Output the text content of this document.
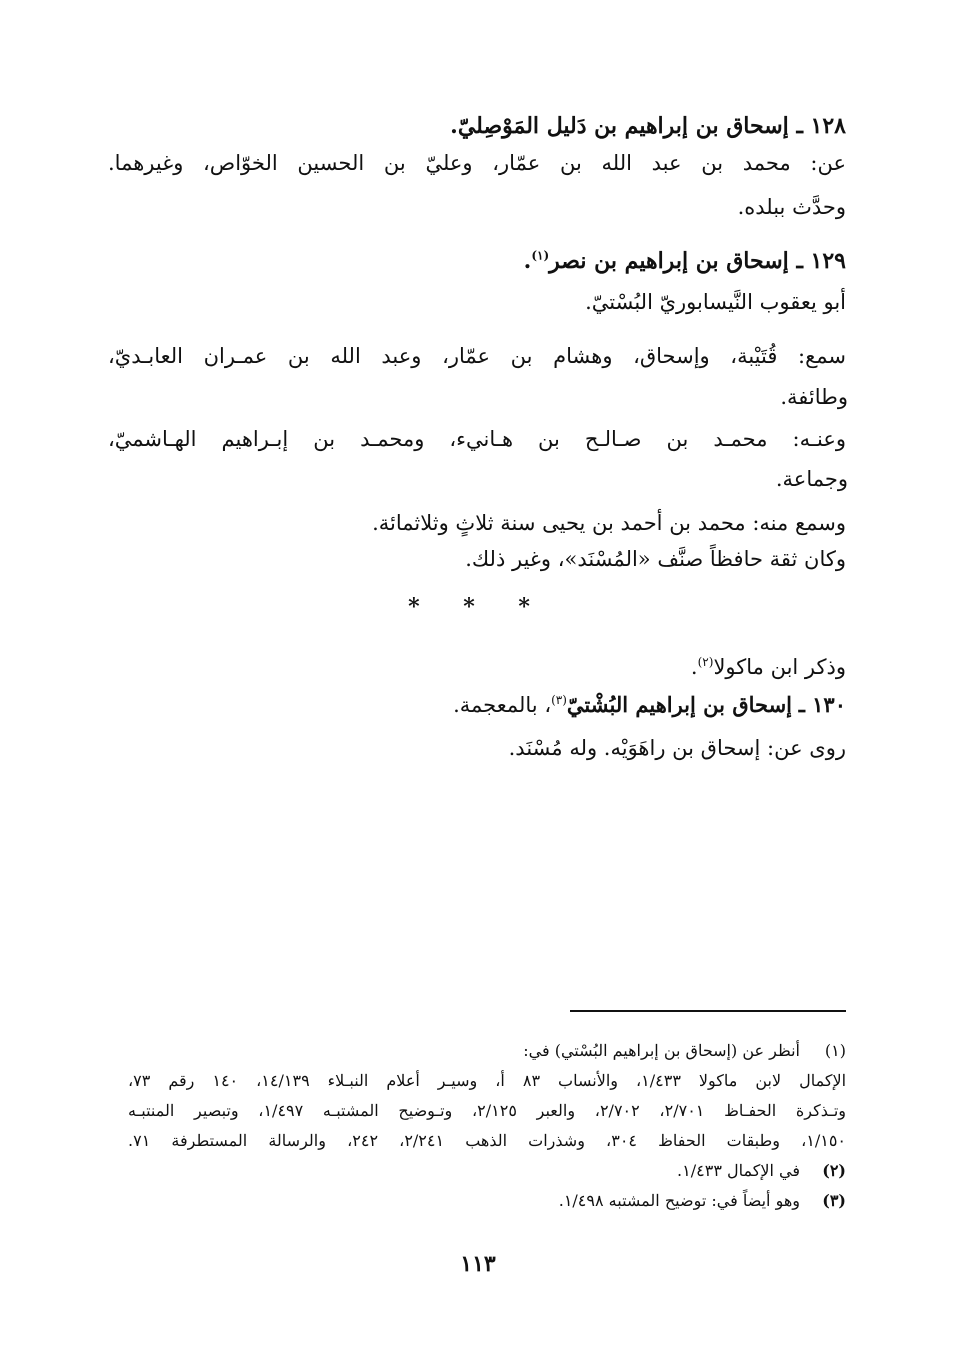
١٢٨ ـ إسحاق بن إبراهيم بن دَليل المَوْصِليّ.
عن: محمد بن عبد الله بن عمّار، وعليّ بن الحسين الخوّاص، وغيرهما.
وحدَّث ببلده.
١٢٩ ـ إسحاق بن إبراهيم بن نصر$^{(١)}$.
أبو يعقوب النَّيسابوريّ البُسْتيّ.
سمع: قُتَيْبة، وإسحاق، وهشام بن عمّار، وعبد الله بن عمـران العابـديّ،
وطائفة.
وعنـه: محمـد بن صـالـح بن هـانيء، ومحمـد بن إبـراهيم الهـاشميّ،
وجماعة.
وسمع منه: محمد بن أحمد بن يحيى سنة ثلاثٍ وثلاثمائة.
وكان ثقة حافظاً صنَّف «المُسْنَد»، وغير ذلك.
* * *
وذكر ابن ماكولا$^{(٢)}$.
١٣٠ ـ إسحاق بن إبراهيم البُشْتيّ$^{(٣)}$، بالمعجمة.
روى عن: إسحاق بن راهَوَيْه. وله مُسْنَد.
(١)
أنظر عن (إسحاق بن إبراهيم البُسْتي) في:
الإكمال لابن ماكولا ١/٤٣٣، والأنساب ٨٣ أ، وسيـر أعلام النبـلاء ١٤/١٣٩، ١٤٠ رقم ٧٣،
وتـذكرة الحفـاظ ٢/٧٠١، ٢/٧٠٢، والعبر ٢/١٢٥، وتـوضيح المشتبـه ١/٤٩٧، وتبصير المنتبـه
١/١٥٠، وطبقات الحفاظ ٣٠٤، وشذرات الذهب ٢/٢٤١، ٢٤٢، والرسالة المستطرفة ٧١.
(٢)
في الإكمال ١/٤٣٣.
(٣)
وهو أيضاً في: توضيح المشتبه ١/٤٩٨.
١١٣
